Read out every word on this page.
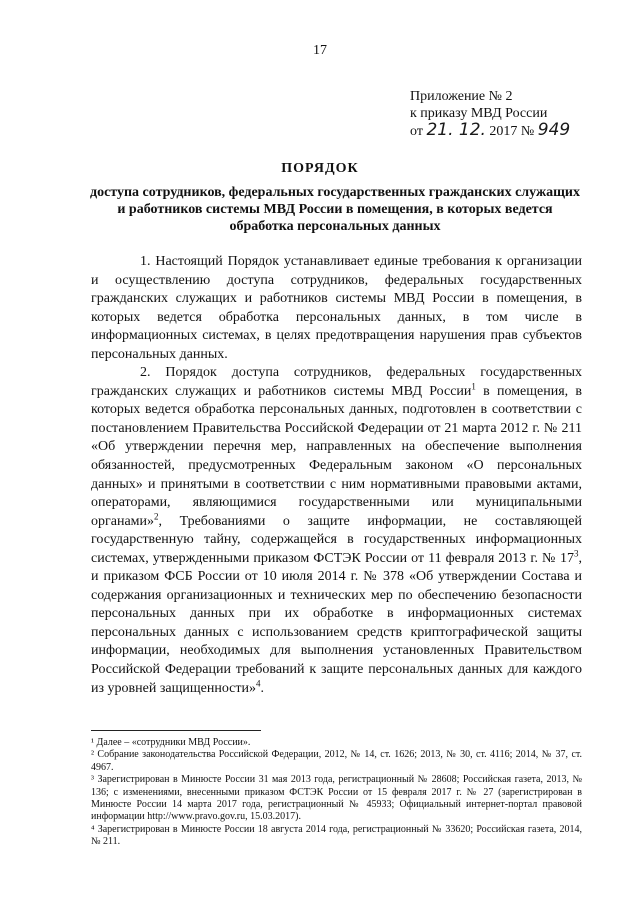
17
Приложение № 2
к приказу МВД России
от 21. 12. 2017 № 949
ПОРЯДОК
доступа сотрудников, федеральных государственных гражданских служащих и работников системы МВД России в помещения, в которых ведется обработка персональных данных

1. Настоящий Порядок устанавливает единые требования к организации и осуществлению доступа сотрудников, федеральных государственных гражданских служащих и работников системы МВД России в помещения, в которых ведется обработка персональных данных, в том числе в информационных системах, в целях предотвращения нарушения прав субъектов персональных данных.

2. Порядок доступа сотрудников, федеральных государственных гражданских служащих и работников системы МВД России$^1$ в помещения, в которых ведется обработка персональных данных, подготовлен в соответствии с постановлением Правительства Российской Федерации от 21 марта 2012 г. № 211 «Об утверждении перечня мер, направленных на обеспечение выполнения обязанностей, предусмотренных Федеральным законом «О персональных данных» и принятыми в соответствии с ним нормативными правовыми актами, операторами, являющимися государственными или муниципальными органами»$^2$, Требованиями о защите информации, не составляющей государственную тайну, содержащейся в государственных информационных системах, утвержденными приказом ФСТЭК России от 11 февраля 2013 г. № $17^3$, и приказом ФСБ России от 10 июля 2014 г. № 378 «Об утверждении Состава и содержания организационных и технических мер по обеспечению безопасности персональных данных при их обработке в информационных системах персональных данных с использованием средств криптографической защиты информации, необходимых для выполнения установленных Правительством Российской Федерации требований к защите персональных данных для каждого из уровней защищенности»$^4$.

¹ Далее – «сотрудники МВД России».
² Собрание законодательства Российской Федерации, 2012, № 14, ст. 1626; 2013, № 30, ст. 4116; 2014, № 37, ст. 4967.
³ Зарегистрирован в Минюсте России 31 мая 2013 года, регистрационный № 28608; Российская газета, 2013, № 136; с изменениями, внесенными приказом ФСТЭК России от 15 февраля 2017 г. № 27 (зарегистрирован в Минюсте России 14 марта 2017 года, регистрационный № 45933; Официальный интернет-портал правовой информации http://www.pravo.gov.ru, 15.03.2017).
⁴ Зарегистрирован в Минюсте России 18 августа 2014 года, регистрационный № 33620; Российская газета, 2014, № 211.
